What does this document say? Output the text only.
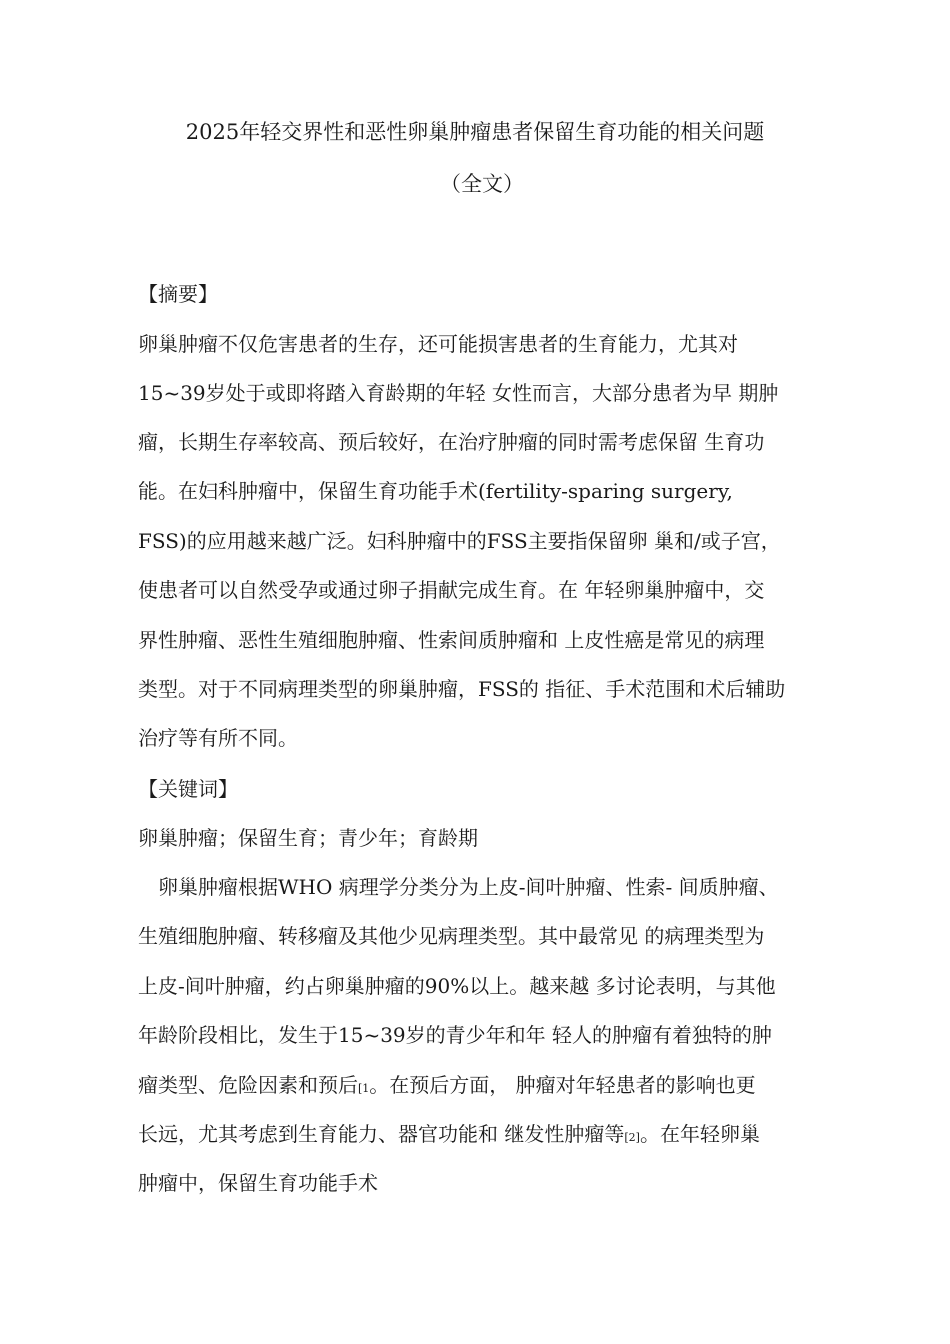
2025年轻交界性和恶性卵巢肿瘤患者保留生育功能的相关问题
（全文）
【摘要】
卵巢肿瘤不仅危害患者的生存，还可能损害患者的生育能力，尤其对
15~39岁处于或即将踏入育龄期的年轻 女性而言，大部分患者为早 期肿
瘤，长期生存率较高、预后较好，在治疗肿瘤的同时需考虑保留 生育功
能。在妇科肿瘤中，保留生育功能手术(fertility-sparing surgery,
FSS)的应用越来越广泛。妇科肿瘤中的FSS主要指保留卵 巢和/或子宫，
使患者可以自然受孕或通过卵子捐献完成生育。在 年轻卵巢肿瘤中，交
界性肿瘤、恶性生殖细胞肿瘤、性索间质肿瘤和 上皮性癌是常见的病理
类型。对于不同病理类型的卵巢肿瘤，FSS的 指征、手术范围和术后辅助
治疗等有所不同。
【关键词】
卵巢肿瘤；保留生育；青少年；育龄期
　卵巢肿瘤根据WHO 病理学分类分为上皮-间叶肿瘤、性索- 间质肿瘤、
生殖细胞肿瘤、转移瘤及其他少见病理类型。其中最常见 的病理类型为
上皮-间叶肿瘤，约占卵巢肿瘤的90%以上。越来越 多讨论表明，与其他
年龄阶段相比，发生于15~39岁的青少年和年 轻人的肿瘤有着独特的肿
瘤类型、危险因素和预后[1。在预后方面， 肿瘤对年轻患者的影响也更
长远，尤其考虑到生育能力、器官功能和 继发性肿瘤等[2]。在年轻卵巢
肿瘤中，保留生育功能手术
